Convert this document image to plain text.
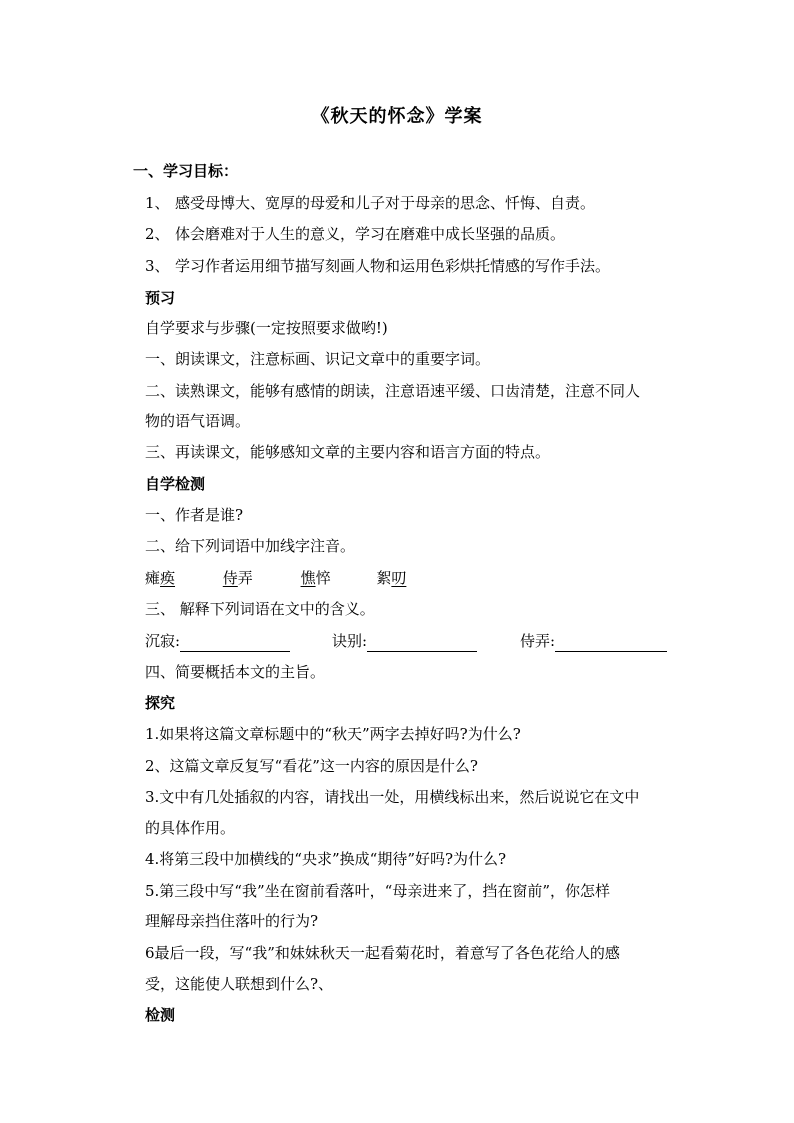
《秋天的怀念》学案
一、学习目标：
1、 感受母博大、宽厚的母爱和儿子对于母亲的思念、忏悔、自责。
2、 体会磨难对于人生的意义，学习在磨难中成长坚强的品质。
3、 学习作者运用细节描写刻画人物和运用色彩烘托情感的写作手法。
预习
自学要求与步骤(一定按照要求做哟!)
一、朗读课文，注意标画、识记文章中的重要字词。
二、读熟课文，能够有感情的朗读，注意语速平缓、口齿清楚，注意不同人
物的语气语调。
三、再读课文，能够感知文章的主要内容和语言方面的特点。
自学检测
一、作者是谁?
二、给下列词语中加线字注音。
瘫痪	侍弄	憔悴	絮叨
三、 解释下列词语在文中的含义。
沉寂:	诀别:	侍弄:
四、简要概括本文的主旨。
探究
1.如果将这篇文章标题中的“秋天”两字去掉好吗?为什么?
2、这篇文章反复写“看花”这一内容的原因是什么?
3.文中有几处插叙的内容，请找出一处，用横线标出来，然后说说它在文中
的具体作用。
4.将第三段中加横线的“央求”换成“期待”好吗?为什么?
5.第三段中写“我”坐在窗前看落叶，“母亲进来了，挡在窗前”，你怎样
理解母亲挡住落叶的行为?
6最后一段，写“我”和妹妹秋天一起看菊花时，着意写了各色花给人的感
受，这能使人联想到什么?、
检测
